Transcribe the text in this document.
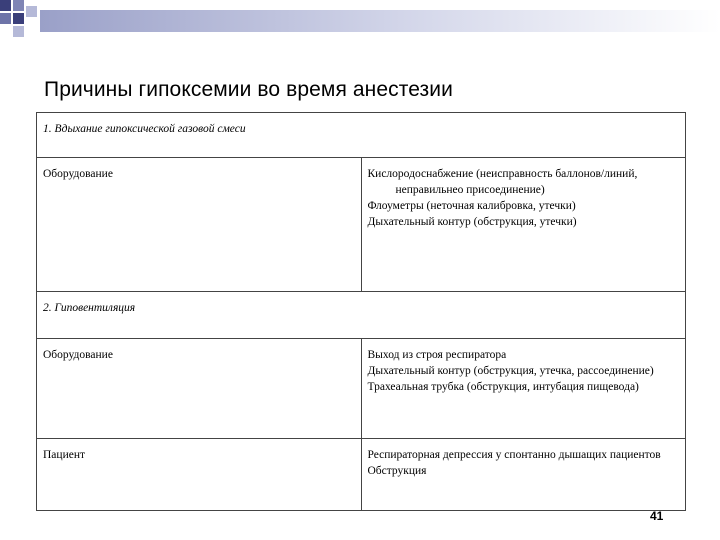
Причины гипоксемии во время анестезии
1. Вдыхание гипоксической газовой смеси	
Оборудование	Кислородоснабжение (неисправность баллонов/линий,

неправильнео присоединение)
Флоуметры (неточная калибровка, утечки)
Дыхательный контур (обструкция, утечки)
2. Гиповентиляция	
Оборудование	Выход из строя респиратора
Дыхательный контур (обструкция, утечка, рассоединение)
Трахеальная трубка (обструкция, интубация пищевода)
Пациент	Респираторная депрессия у спонтанно дышащих пациентов
Обструкция
41
